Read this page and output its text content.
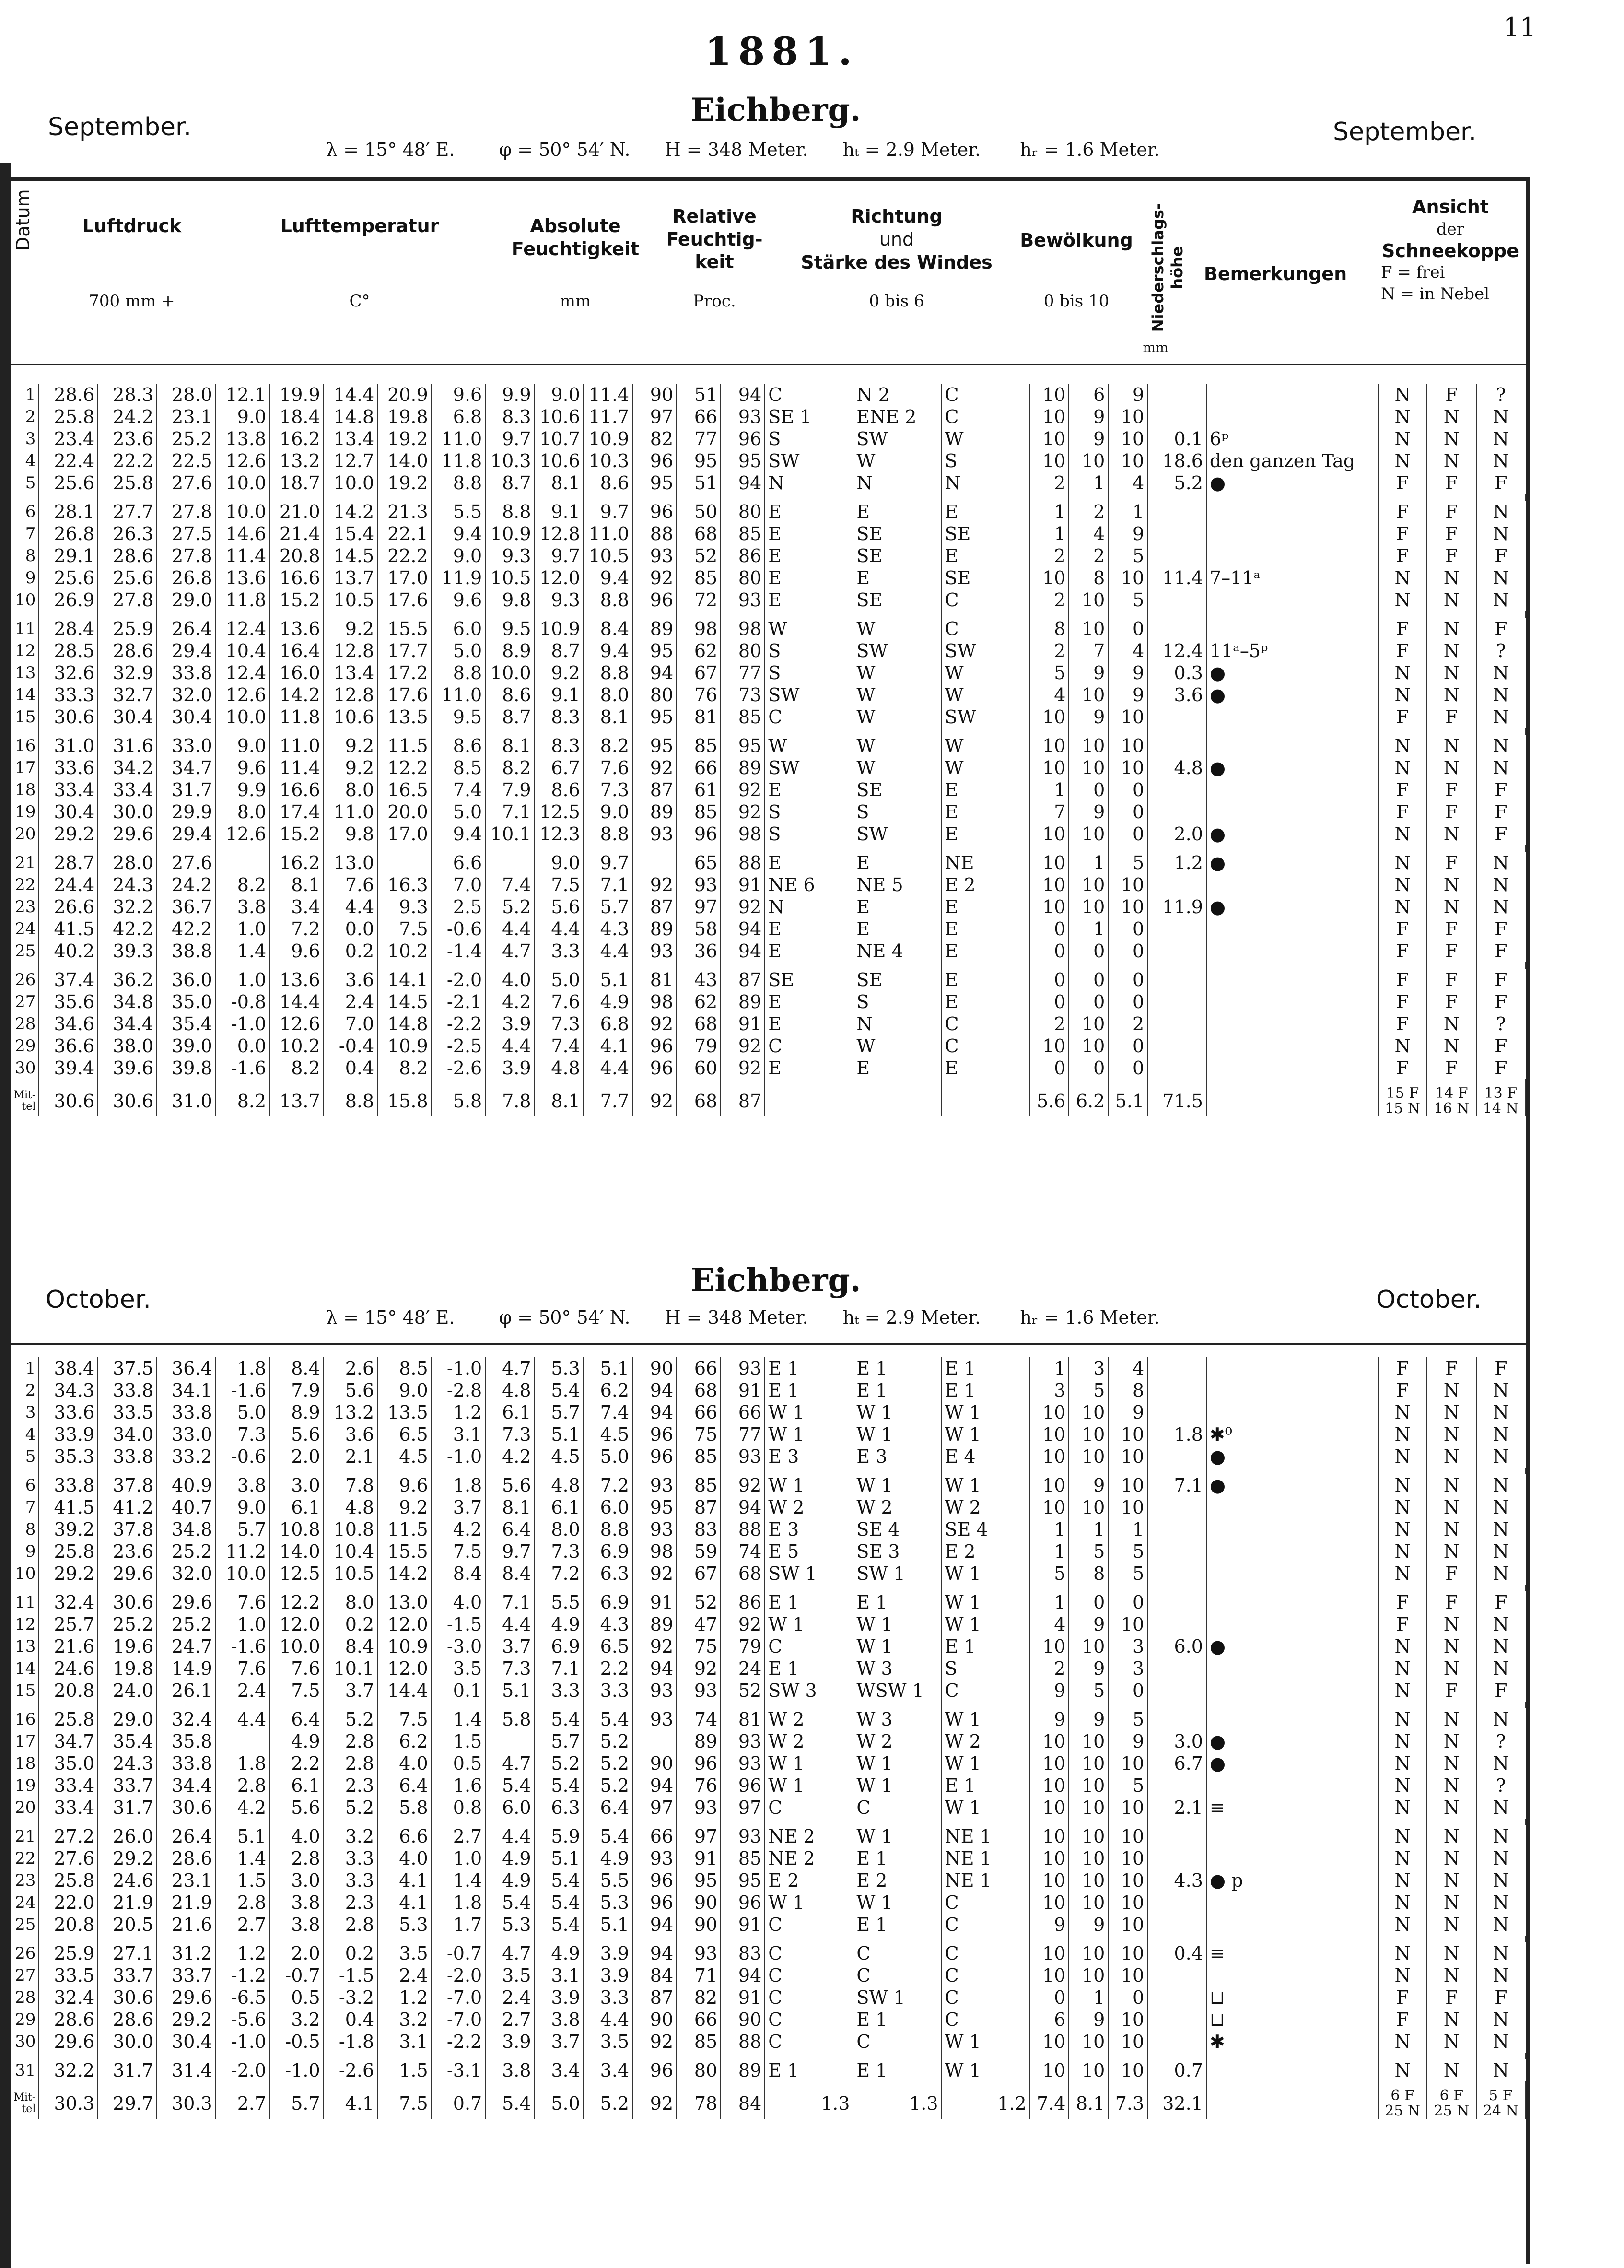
1881.
11
September.	Eichberg.
September.
λ = 15° 48′ E. φ = 50° 54′ N. H = 348 Meter. hₜ = 2.9 Meter. hᵣ = 1.6 Meter.
Datum	Luftdruck
700 mm +
Lufttemperatur
C°
Absolute Feuchtigkeit
mm
Relative Feuchtig- keit
Proc.
Richtung
und
Stärke des Windes
0 bis 6
Bewölkung
0 bis 10	Niederschlags- höhe
mm
Bemerkungen
Ansicht
der
Schneekoppe
F = frei
N = in Nebel
1	28.6	28.3	28.0	12.1	19.9	14.4	20.9	9.6	9.9	9.0	11.4	90	51	94	C	N 2	C	10	6	9			N	F	?
2	25.8	24.2	23.1	9.0	18.4	14.8	19.8	6.8	8.3	10.6	11.7	97	66	93	SE 1	ENE 2	C	10	9	10			N	N	N
3	23.4	23.6	25.2	13.8	16.2	13.4	19.2	11.0	9.7	10.7	10.9	82	77	96	S	SW	W	10	9	10	0.1	6ᵖ	N	N	N
4	22.4	22.2	22.5	12.6	13.2	12.7	14.0	11.8	10.3	10.6	10.3	96	95	95	SW	W	S	10	10	10	18.6	den ganzen Tag	N	N	N
5	25.6	25.8	27.6	10.0	18.7	10.0	19.2	8.8	8.7	8.1	8.6	95	51	94	N	N	N	2	1	4	5.2	●	F	F	F

6	28.1	27.7	27.8	10.0	21.0	14.2	21.3	5.5	8.8	9.1	9.7	96	50	80	E	E	E	1	2	1			F	F	N
7	26.8	26.3	27.5	14.6	21.4	15.4	22.1	9.4	10.9	12.8	11.0	88	68	85	E	SE	SE	1	4	9			F	F	N
8	29.1	28.6	27.8	11.4	20.8	14.5	22.2	9.0	9.3	9.7	10.5	93	52	86	E	SE	E	2	2	5			F	F	F
9	25.6	25.6	26.8	13.6	16.6	13.7	17.0	11.9	10.5	12.0	9.4	92	85	80	E	E	SE	10	8	10	11.4	7–11ᵃ	N	N	N
10	26.9	27.8	29.0	11.8	15.2	10.5	17.6	9.6	9.8	9.3	8.8	96	72	93	E	SE	C	2	10	5			N	N	N

11	28.4	25.9	26.4	12.4	13.6	9.2	15.5	6.0	9.5	10.9	8.4	89	98	98	W	W	C	8	10	0			F	N	F
12	28.5	28.6	29.4	10.4	16.4	12.8	17.7	5.0	8.9	8.7	9.4	95	62	80	S	SW	SW	2	7	4	12.4	11ᵃ–5ᵖ	F	N	?
13	32.6	32.9	33.8	12.4	16.0	13.4	17.2	8.8	10.0	9.2	8.8	94	67	77	S	W	W	5	9	9	0.3	●	N	N	N
14	33.3	32.7	32.0	12.6	14.2	12.8	17.6	11.0	8.6	9.1	8.0	80	76	73	SW	W	W	4	10	9	3.6	●	N	N	N
15	30.6	30.4	30.4	10.0	11.8	10.6	13.5	9.5	8.7	8.3	8.1	95	81	85	C	W	SW	10	9	10			F	F	N

16	31.0	31.6	33.0	9.0	11.0	9.2	11.5	8.6	8.1	8.3	8.2	95	85	95	W	W	W	10	10	10			N	N	N
17	33.6	34.2	34.7	9.6	11.4	9.2	12.2	8.5	8.2	6.7	7.6	92	66	89	SW	W	W	10	10	10	4.8	●	N	N	N
18	33.4	33.4	31.7	9.9	16.6	8.0	16.5	7.4	7.9	8.6	7.3	87	61	92	E	SE	E	1	0	0			F	F	F
19	30.4	30.0	29.9	8.0	17.4	11.0	20.0	5.0	7.1	12.5	9.0	89	85	92	S	S	E	7	9	0			F	F	F
20	29.2	29.6	29.4	12.6	15.2	9.8	17.0	9.4	10.1	12.3	8.8	93	96	98	S	SW	E	10	10	0	2.0	●	N	N	F

21	28.7	28.0	27.6		16.2	13.0		6.6		9.0	9.7		65	88	E	E	NE	10	1	5	1.2	●	N	F	N
22	24.4	24.3	24.2	8.2	8.1	7.6	16.3	7.0	7.4	7.5	7.1	92	93	91	NE 6	NE 5	E 2	10	10	10			N	N	N
23	26.6	32.2	36.7	3.8	3.4	4.4	9.3	2.5	5.2	5.6	5.7	87	97	92	N	E	E	10	10	10	11.9	●	N	N	N
24	41.5	42.2	42.2	1.0	7.2	0.0	7.5	-0.6	4.4	4.4	4.3	89	58	94	E	E	E	0	1	0			F	F	F
25	40.2	39.3	38.8	1.4	9.6	0.2	10.2	-1.4	4.7	3.3	4.4	93	36	94	E	NE 4	E	0	0	0			F	F	F

26	37.4	36.2	36.0	1.0	13.6	3.6	14.1	-2.0	4.0	5.0	5.1	81	43	87	SE	SE	E	0	0	0			F	F	F
27	35.6	34.8	35.0	-0.8	14.4	2.4	14.5	-2.1	4.2	7.6	4.9	98	62	89	E	S	E	0	0	0			F	F	F
28	34.6	34.4	35.4	-1.0	12.6	7.0	14.8	-2.2	3.9	7.3	6.8	92	68	91	E	N	C	2	10	2			F	N	?
29	36.6	38.0	39.0	0.0	10.2	-0.4	10.9	-2.5	4.4	7.4	4.1	96	79	92	C	W	C	10	10	0			N	N	F
30	39.4	39.6	39.8	-1.6	8.2	0.4	8.2	-2.6	3.9	4.8	4.4	96	60	92	E	E	E	0	0	0			F	F	F

Mit- tel	30.6	30.6	31.0	8.2	13.7	8.8	15.8	5.8	7.8	8.1	7.7	92	68	87				5.6	6.2	5.1	71.5		15 F 15 N	14 F 16 N	13 F 14 N
October.
Eichberg.
October.
λ = 15° 48′ E. φ = 50° 54′ N. H = 348 Meter. hₜ = 2.9 Meter. hᵣ = 1.6 Meter.
1	38.4	37.5	36.4	1.8	8.4	2.6	8.5	-1.0	4.7	5.3	5.1	90	66	93	E 1	E 1	E 1	1	3	4			F	F	F
2	34.3	33.8	34.1	-1.6	7.9	5.6	9.0	-2.8	4.8	5.4	6.2	94	68	91	E 1	E 1	E 1	3	5	8			F	N	N
3	33.6	33.5	33.8	5.0	8.9	13.2	13.5	1.2	6.1	5.7	7.4	94	66	66	W 1	W 1	W 1	10	10	9			N	N	N
4	33.9	34.0	33.0	7.3	5.6	3.6	6.5	3.1	7.3	5.1	4.5	96	75	77	W 1	W 1	W 1	10	10	10	1.8	✱⁰	N	N	N
5	35.3	33.8	33.2	-0.6	2.0	2.1	4.5	-1.0	4.2	4.5	5.0	96	85	93	E 3	E 3	E 4	10	10	10		●	N	N	N

6	33.8	37.8	40.9	3.8	3.0	7.8	9.6	1.8	5.6	4.8	7.2	93	85	92	W 1	W 1	W 1	10	9	10	7.1	●	N	N	N
7	41.5	41.2	40.7	9.0	6.1	4.8	9.2	3.7	8.1	6.1	6.0	95	87	94	W 2	W 2	W 2	10	10	10			N	N	N
8	39.2	37.8	34.8	5.7	10.8	10.8	11.5	4.2	6.4	8.0	8.8	93	83	88	E 3	SE 4	SE 4	1	1	1			N	N	N
9	25.8	23.6	25.2	11.2	14.0	10.4	15.5	7.5	9.7	7.3	6.9	98	59	74	E 5	SE 3	E 2	1	5	5			N	N	N
10	29.2	29.6	32.0	10.0	12.5	10.5	14.2	8.4	8.4	7.2	6.3	92	67	68	SW 1	SW 1	W 1	5	8	5			N	F	N

11	32.4	30.6	29.6	7.6	12.2	8.0	13.0	4.0	7.1	5.5	6.9	91	52	86	E 1	E 1	W 1	1	0	0			F	F	F
12	25.7	25.2	25.2	1.0	12.0	0.2	12.0	-1.5	4.4	4.9	4.3	89	47	92	W 1	W 1	W 1	4	9	10			F	N	N
13	21.6	19.6	24.7	-1.6	10.0	8.4	10.9	-3.0	3.7	6.9	6.5	92	75	79	C	W 1	E 1	10	10	3	6.0	●	N	N	N
14	24.6	19.8	14.9	7.6	7.6	10.1	12.0	3.5	7.3	7.1	2.2	94	92	24	E 1	W 3	S	2	9	3			N	N	N
15	20.8	24.0	26.1	2.4	7.5	3.7	14.4	0.1	5.1	3.3	3.3	93	93	52	SW 3	WSW 1	C	9	5	0			N	F	F

16	25.8	29.0	32.4	4.4	6.4	5.2	7.5	1.4	5.8	5.4	5.4	93	74	81	W 2	W 3	W 1	9	9	5			N	N	N
17	34.7	35.4	35.8		4.9	2.8	6.2	1.5		5.7	5.2		89	93	W 2	W 2	W 2	10	10	9	3.0	●	N	N	?
18	35.0	24.3	33.8	1.8	2.2	2.8	4.0	0.5	4.7	5.2	5.2	90	96	93	W 1	W 1	W 1	10	10	10	6.7	●	N	N	N
19	33.4	33.7	34.4	2.8	6.1	2.3	6.4	1.6	5.4	5.4	5.2	94	76	96	W 1	W 1	E 1	10	10	5			N	N	?
20	33.4	31.7	30.6	4.2	5.6	5.2	5.8	0.8	6.0	6.3	6.4	97	93	97	C	C	W 1	10	10	10	2.1	≡	N	N	N

21	27.2	26.0	26.4	5.1	4.0	3.2	6.6	2.7	4.4	5.9	5.4	66	97	93	NE 2	W 1	NE 1	10	10	10			N	N	N
22	27.6	29.2	28.6	1.4	2.8	3.3	4.0	1.0	4.9	5.1	4.9	93	91	85	NE 2	E 1	NE 1	10	10	10			N	N	N
23	25.8	24.6	23.1	1.5	3.0	3.3	4.1	1.4	4.9	5.4	5.5	96	95	95	E 2	E 2	NE 1	10	10	10	4.3	● p	N	N	N
24	22.0	21.9	21.9	2.8	3.8	2.3	4.1	1.8	5.4	5.4	5.3	96	90	96	W 1	W 1	C	10	10	10			N	N	N
25	20.8	20.5	21.6	2.7	3.8	2.8	5.3	1.7	5.3	5.4	5.1	94	90	91	C	E 1	C	9	9	10			N	N	N

26	25.9	27.1	31.2	1.2	2.0	0.2	3.5	-0.7	4.7	4.9	3.9	94	93	83	C	C	C	10	10	10	0.4	≡	N	N	N
27	33.5	33.7	33.7	-1.2	-0.7	-1.5	2.4	-2.0	3.5	3.1	3.9	84	71	94	C	C	C	10	10	10			N	N	N
28	32.4	30.6	29.6	-6.5	0.5	-3.2	1.2	-7.0	2.4	3.9	3.3	87	82	91	C	SW 1	C	0	1	0		⊔	F	F	F
29	28.6	28.6	29.2	-5.6	3.2	0.4	3.2	-7.0	2.7	3.8	4.4	90	66	90	C	E 1	C	6	9	10		⊔	F	N	N
30	29.6	30.0	30.4	-1.0	-0.5	-1.8	3.1	-2.2	3.9	3.7	3.5	92	85	88	C	C	W 1	10	10	10		✱	N	N	N

31	32.2	31.7	31.4	-2.0	-1.0	-2.6	1.5	-3.1	3.8	3.4	3.4	96	80	89	E 1	E 1	W 1	10	10	10	0.7		N	N	N

Mit- tel	30.3	29.7	30.3	2.7	5.7	4.1	7.5	0.7	5.4	5.0	5.2	92	78	84	1.3	1.3	1.2	7.4	8.1	7.3	32.1		6 F 25 N	6 F 25 N	5 F 24 N
